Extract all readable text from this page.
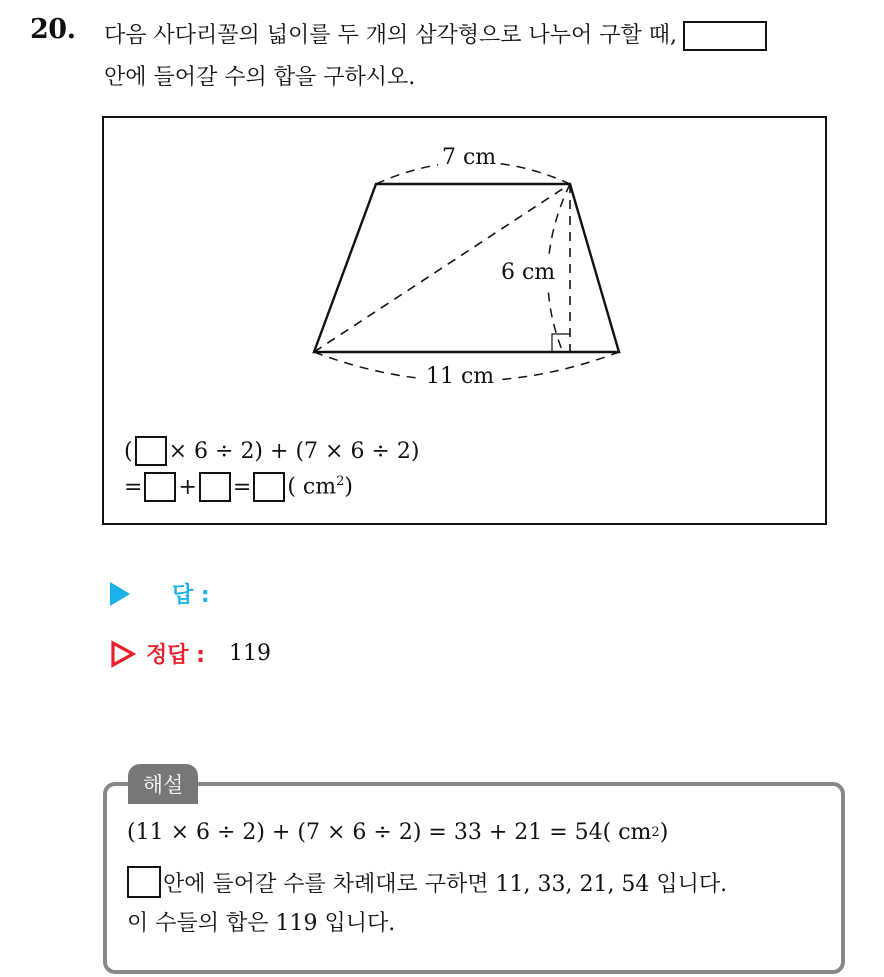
20. 다음 사다리꼴의 넓이를 두 개의 삼각형으로 나누어 구할 때,
안에 들어갈 수의 합을 구하시오.
7 cm
6 cm
11 cm
( × 6 ÷ 2) + (7 × 6 ÷ 2)
= + = ( $cm^2$)
답 :
정답 : 119
(11 × 6 ÷ 2) + (7 × 6 ÷ 2) = 33 + 21 = 54( cm 2 )
안에 들어갈 수를 차례대로 구하면 11, 33, 21, 54 입니다.
이 수들의 합은 119 입니다.
해설
